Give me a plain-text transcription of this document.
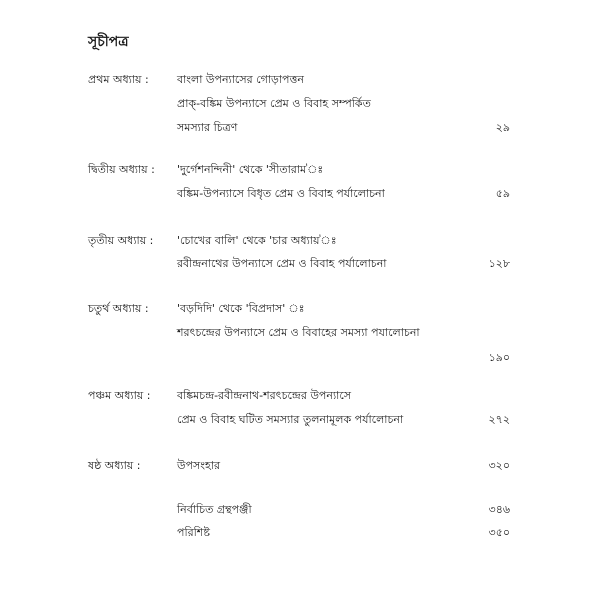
সূচীপত্র
প্রথম অধ্যায় :	বাংলা উপন্যাসের গোড়াপত্তন
প্রাক্-বঙ্কিম উপন্যাসে প্রেম ও বিবাহ সম্পর্কিত
সমস্যার চিত্রণ	২৯
দ্বিতীয় অধ্যায় : 'দুর্গেশনন্দিনী' থেকে 'সীতারাম'ঃ
বঙ্কিম-উপন্যাসে বিধৃত প্রেম ও বিবাহ পর্যালোচনা	৫৯
তৃতীয় অধ্যায় : 'চোখের বালি' থেকে 'চার অধ্যায়'ঃ
রবীন্দ্রনাথের উপন্যাসে প্রেম ও বিবাহ পর্যালোচনা	১২৮
চতুর্থ অধ্যায় :	'বড়দিদি' থেকে 'বিপ্রদাস' ঃ
শরৎচন্দ্রের উপন্যাসে প্রেম ও বিবাহের সমস্যা পযালোচনা
১৯০
পঞ্চম অধ্যায় : বঙ্কিমচন্দ্র-রবীন্দ্রনাথ-শরৎচন্দ্রের উপন্যাসে
প্রেম ও বিবাহ ঘটিত সমস্যার তুলনামূলক পর্যালোচনা	২৭২
ষষ্ঠ অধ্যায় :	উপসংহার	৩২০
নির্বাচিত গ্রন্থপঞ্জী	৩৪৬
পরিশিষ্ট	৩৫০
